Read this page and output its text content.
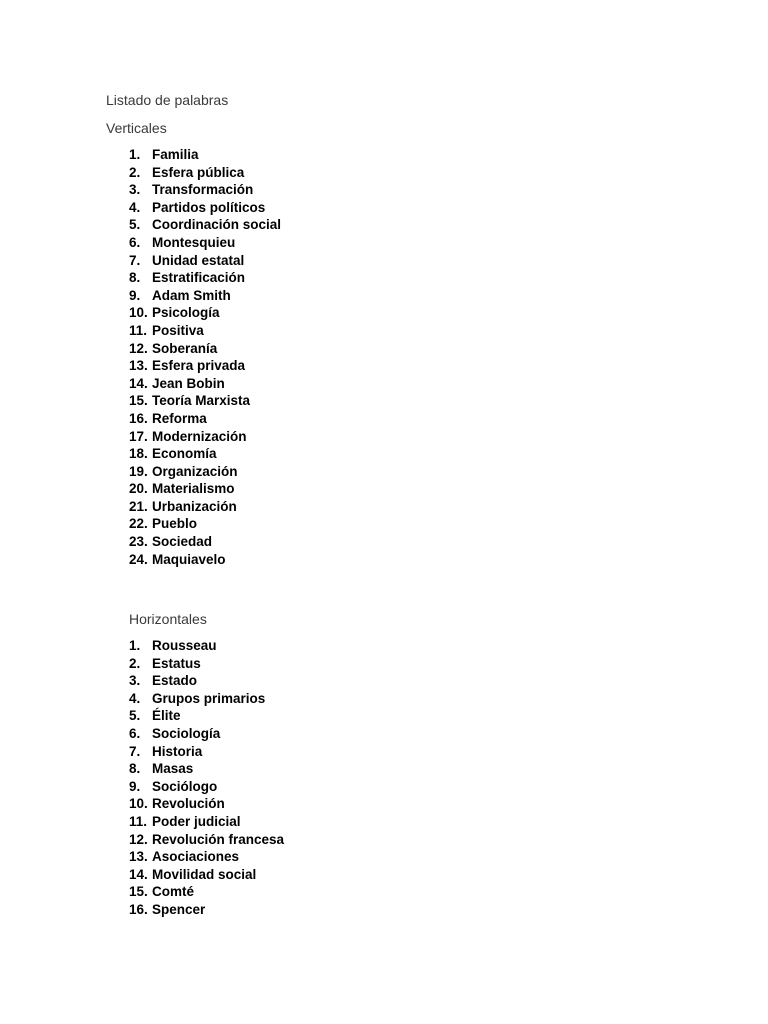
Listado de palabras
Verticales
1. Familia
2. Esfera pública
3. Transformación
4. Partidos políticos
5. Coordinación social
6. Montesquieu
7. Unidad estatal
8. Estratificación
9. Adam Smith
10. Psicología
11. Positiva
12. Soberanía
13. Esfera privada
14. Jean Bobin
15. Teoría Marxista
16. Reforma
17. Modernización
18. Economía
19. Organización
20. Materialismo
21. Urbanización
22. Pueblo
23. Sociedad
24. Maquiavelo
Horizontales
1. Rousseau
2. Estatus
3. Estado
4. Grupos primarios
5. Élite
6. Sociología
7. Historia
8. Masas
9. Sociólogo
10. Revolución
11. Poder judicial
12. Revolución francesa
13. Asociaciones
14. Movilidad social
15. Comté
16. Spencer
